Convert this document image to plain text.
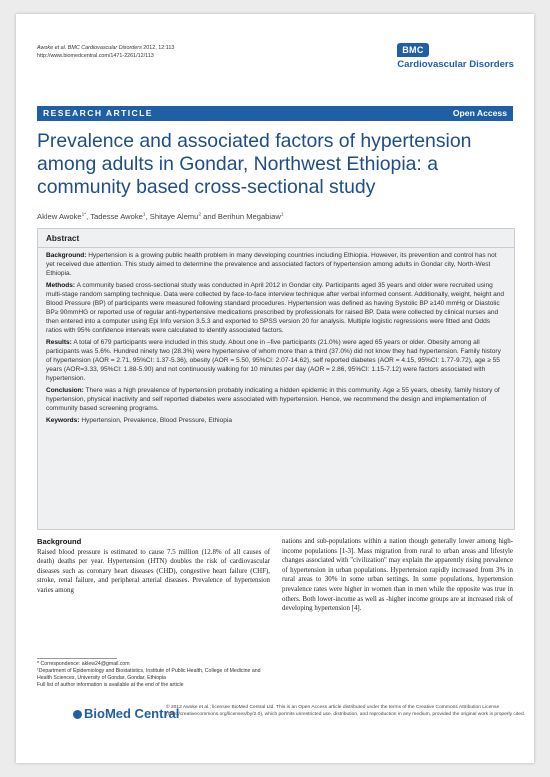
Awoke et al. BMC Cardiovascular Disorders 2012, 12:113
http://www.biomedcentral.com/1471-2261/12/113
BMC
Cardiovascular Disorders
RESEARCH ARTICLE	Open Access
Prevalence and associated factors of hypertension among adults in Gondar, Northwest Ethiopia: a community based cross-sectional study
Aklew Awoke$^{1*}$, Tadesse Awoke$^1$, Shitaye Alemu$^2$ and Berihun Megabiaw$^1$
Abstract

Background: Hypertension is a growing public health problem in many developing countries including Ethiopia. However, its prevention and control has not yet received due attention. This study aimed to determine the prevalence and associated factors of hypertension among adults in Gondar city, North-West Ethiopia.

Methods: A community based cross-sectional study was conducted in April 2012 in Gondar city. Participants aged 35 years and older were recruited using multi-stage random sampling technique. Data were collected by face-to-face interview technique after verbal informed consent. Additionally, weight, height and Blood Pressure (BP) of participants were measured following standard procedures. Hypertension was defined as having Systolic BP ≥140 mmHg or Diastolic BP≥ 90mmHG or reported use of regular anti-hypertensive medications prescribed by professionals for raised BP. Data were collected by clinical nurses and then entered into a computer using Epi Info version 3.5.3 and exported to SPSS version 20 for analysis. Multiple logistic regressions were fitted and Odds ratios with 95% confidence intervals were calculated to identify associated factors.

Results: A total of 679 participants were included in this study. About one in –five participants (21.0%) were aged 65 years or older. Obesity among all participants was 5.6%. Hundred ninety two (28.3%) were hypertensive of whom more than a third (37.0%) did not know they had hypertension. Family history of hypertension (AOR = 2.71, 95%CI: 1.37-5.36), obesity (AOR = 5.50, 95%CI: 2.07-14.62), self reported diabetes (AOR = 4.15, 95%CI: 1.77-9.72), age ≥ 55 years (AOR=3.33, 95%CI: 1.88-5.90) and not continuously walking for 10 minutes per day (AOR = 2.86, 95%CI: 1.15-7.12) were factors associated with hypertension.

Conclusion: There was a high prevalence of hypertension probably indicating a hidden epidemic in this community. Age ≥ 55 years, obesity, family history of hypertension, physical inactivity and self reported diabetes were associated with hypertension. Hence, we recommend the design and implementation of community based screening programs.

Keywords: Hypertension, Prevalence, Blood Pressure, Ethiopia

Background
Raised blood pressure is estimated to cause 7.5 million (12.8% of all causes of death) deaths per year. Hypertension (HTN) doubles the risk of cardiovascular diseases such as coronary heart diseases (CHD), congestive heart failure (CHF), stroke, renal failure, and peripheral arterial diseases. Prevalence of hypertension varies among
nations and sub-populations within a nation though generally lower among high-income populations [1-3]. Mass migration from rural to urban areas and lifestyle changes associated with "civilization" may explain the apparently rising prevalence of hypertension in urban populations. Hypertension rapidly increased from 3% in rural areas to 30% in some urban settings. In some populations, hypertension prevalence rates were higher in women than in men while the opposite was true in others. Both lower-income as well as -higher income groups are at increased risk of developing hypertension [4].

* Correspondence: aklew24@gmail.com

¹Department of Epidemiology and Biostatistics, Institute of Public Health, College of Medicine and Health Sciences, University of Gondar, Gondar, Ethiopia

Full list of author information is available at the end of the article

BioMed Central
© 2012 Awoke et al.; licensee BioMed Central Ltd. This is an Open Access article distributed under the terms of the Creative Commons Attribution License (http://creativecommons.org/licenses/by/2.0), which permits unrestricted use, distribution, and reproduction in any medium, provided the original work is properly cited.
